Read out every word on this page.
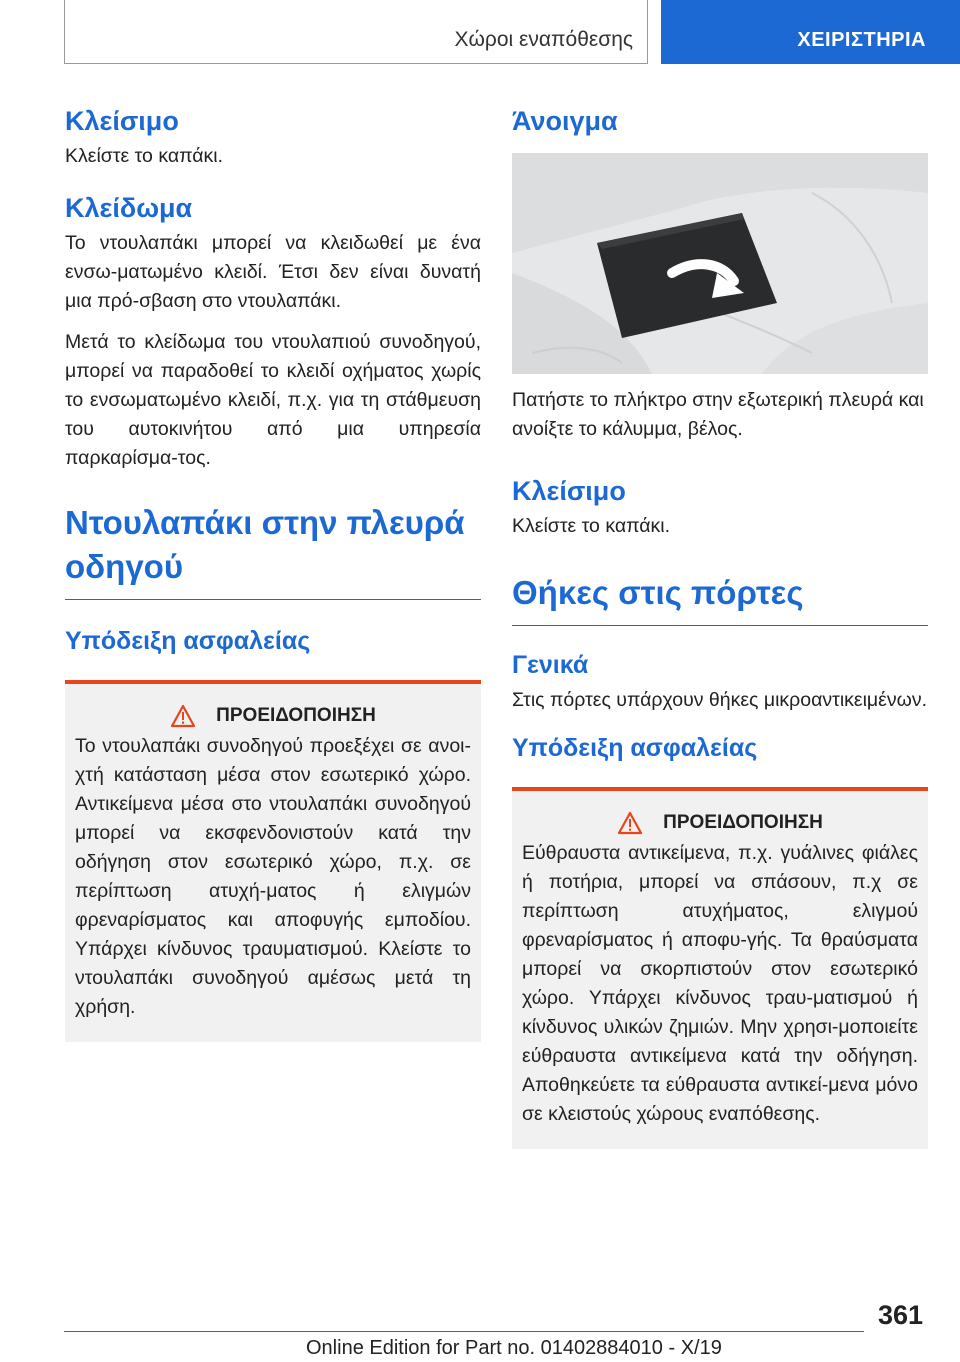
Χώροι εναπόθεσης	ΧΕΙΡΙΣΤΗΡΙΑ
Κλείσιμο

Κλείστε το καπάκι.

Κλείδωμα

Το ντουλαπάκι μπορεί να κλειδωθεί με ένα ενσω-ματωμένο κλειδί. Έτσι δεν είναι δυνατή μια πρό-σβαση στο ντουλαπάκι.

Μετά το κλείδωμα του ντουλαπιού συνοδηγού, μπορεί να παραδοθεί το κλειδί οχήματος χωρίς το ενσωματωμένο κλειδί, π.χ. για τη στάθμευση του αυτοκινήτου από μια υπηρεσία παρκαρίσμα-τος.

Ντουλαπάκι στην πλευρά οδηγού
Υπόδειξη ασφαλείας
ΠΡΟΕΙΔΟΠΟΙΗΣΗ

Το ντουλαπάκι συνοδηγού προεξέχει σε ανοι-χτή κατάσταση μέσα στον εσωτερικό χώρο. Αντικείμενα μέσα στο ντουλαπάκι συνοδηγού μπορεί να εκσφενδονιστούν κατά την οδήγηση στον εσωτερικό χώρο, π.χ. σε περίπτωση ατυχή-ματος ή ελιγμών φρεναρίσματος και αποφυγής εμποδίου. Υπάρχει κίνδυνος τραυματισμού. Κλείστε το ντουλαπάκι συνοδηγού αμέσως μετά τη χρήση.

Άνοιγμα

Πατήστε το πλήκτρο στην εξωτερική πλευρά και ανοίξτε το κάλυμμα, βέλος.

Κλείσιμο

Κλείστε το καπάκι.

Θήκες στις πόρτες
Γενικά

Στις πόρτες υπάρχουν θήκες μικροαντικειμένων.

Υπόδειξη ασφαλείας
ΠΡΟΕΙΔΟΠΟΙΗΣΗ

Εύθραυστα αντικείμενα, π.χ. γυάλινες φιάλες ή ποτήρια, μπορεί να σπάσουν, π.χ σε περίπτωση ατυχήματος, ελιγμού φρεναρίσματος ή αποφυ-γής. Τα θραύσματα μπορεί να σκορπιστούν στον εσωτερικό χώρο. Υπάρχει κίνδυνος τραυ-ματισμού ή κίνδυνος υλικών ζημιών. Μην χρησι-μοποιείτε εύθραυστα αντικείμενα κατά την οδήγηση. Αποθηκεύετε τα εύθραυστα αντικεί-μενα μόνο σε κλειστούς χώρους εναπόθεσης.

361
Online Edition for Part no. 01402884010 - X/19
